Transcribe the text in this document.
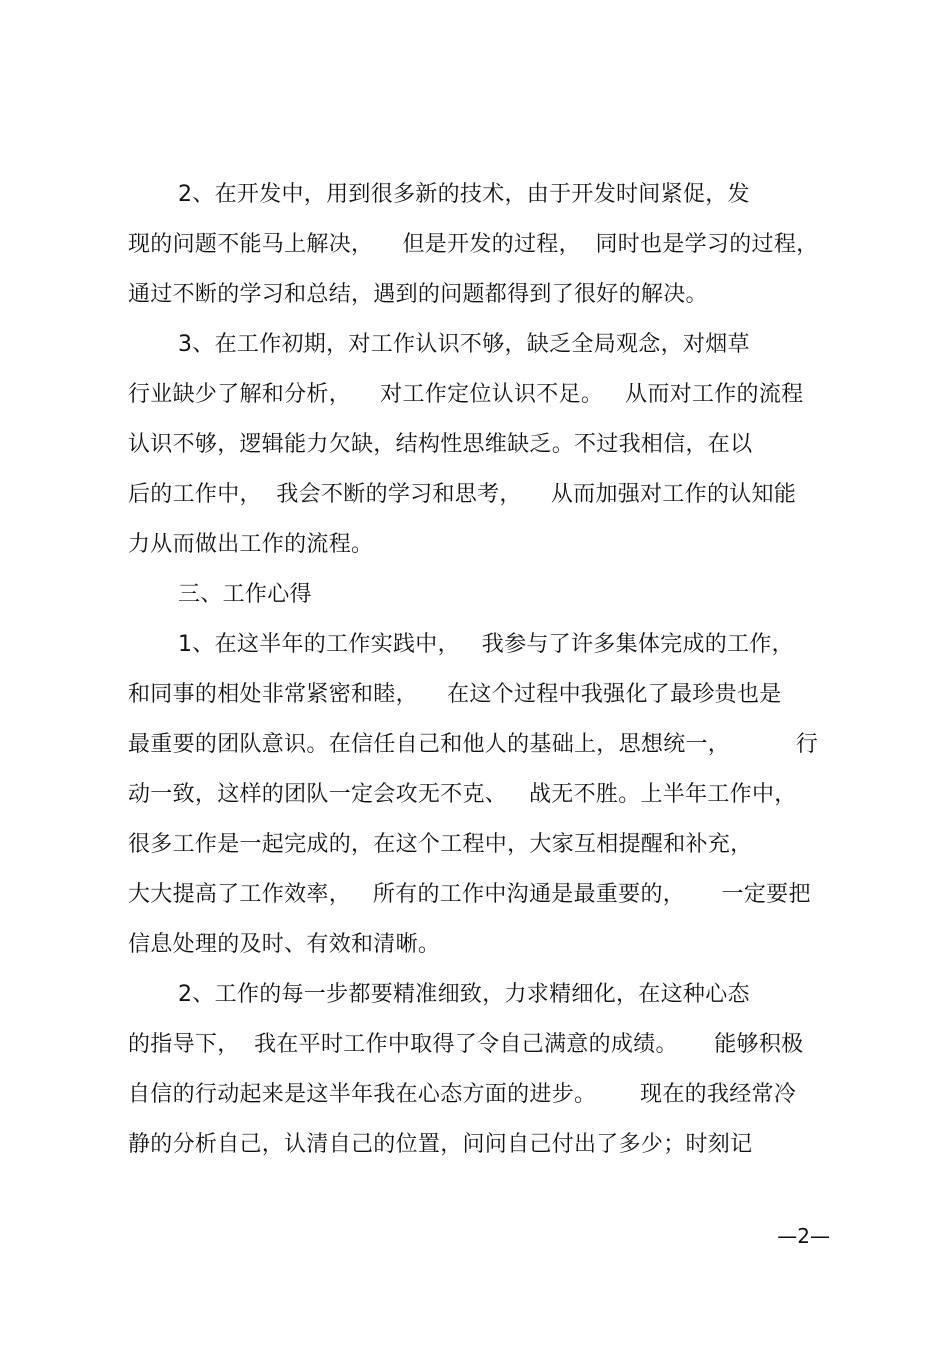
2、在开发中，用到很多新的技术，由于开发时间紧促，发
现的问题不能马上解决，    但是开发的过程，  同时也是学习的过程，
通过不断的学习和总结，遇到的问题都得到了很好的解决。
3、在工作初期，对工作认识不够，缺乏全局观念，对烟草
行业缺少了解和分析，    对工作定位认识不足。   从而对工作的流程
认识不够，逻辑能力欠缺，结构性思维缺乏。不过我相信，在以
后的工作中，  我会不断的学习和思考，    从而加强对工作的认知能
力从而做出工作的流程。
三、工作心得
1、在这半年的工作实践中，   我参与了许多集体完成的工作，
和同事的相处非常紧密和睦，    在这个过程中我强化了最珍贵也是
最重要的团队意识。在信任自己和他人的基础上，思想统一，         行
动一致，这样的团队一定会攻无不克、   战无不胜。上半年工作中，
很多工作是一起完成的，在这个工程中，大家互相提醒和补充，
大大提高了工作效率，   所有的工作中沟通是最重要的，     一定要把
信息处理的及时、有效和清晰。
2、工作的每一步都要精准细致，力求精细化，在这种心态
的指导下，  我在平时工作中取得了令自己满意的成绩。     能够积极
自信的行动起来是这半年我在心态方面的进步。      现在的我经常冷
静的分析自己，认清自己的位置，问问自己付出了多少；时刻记
—2—
